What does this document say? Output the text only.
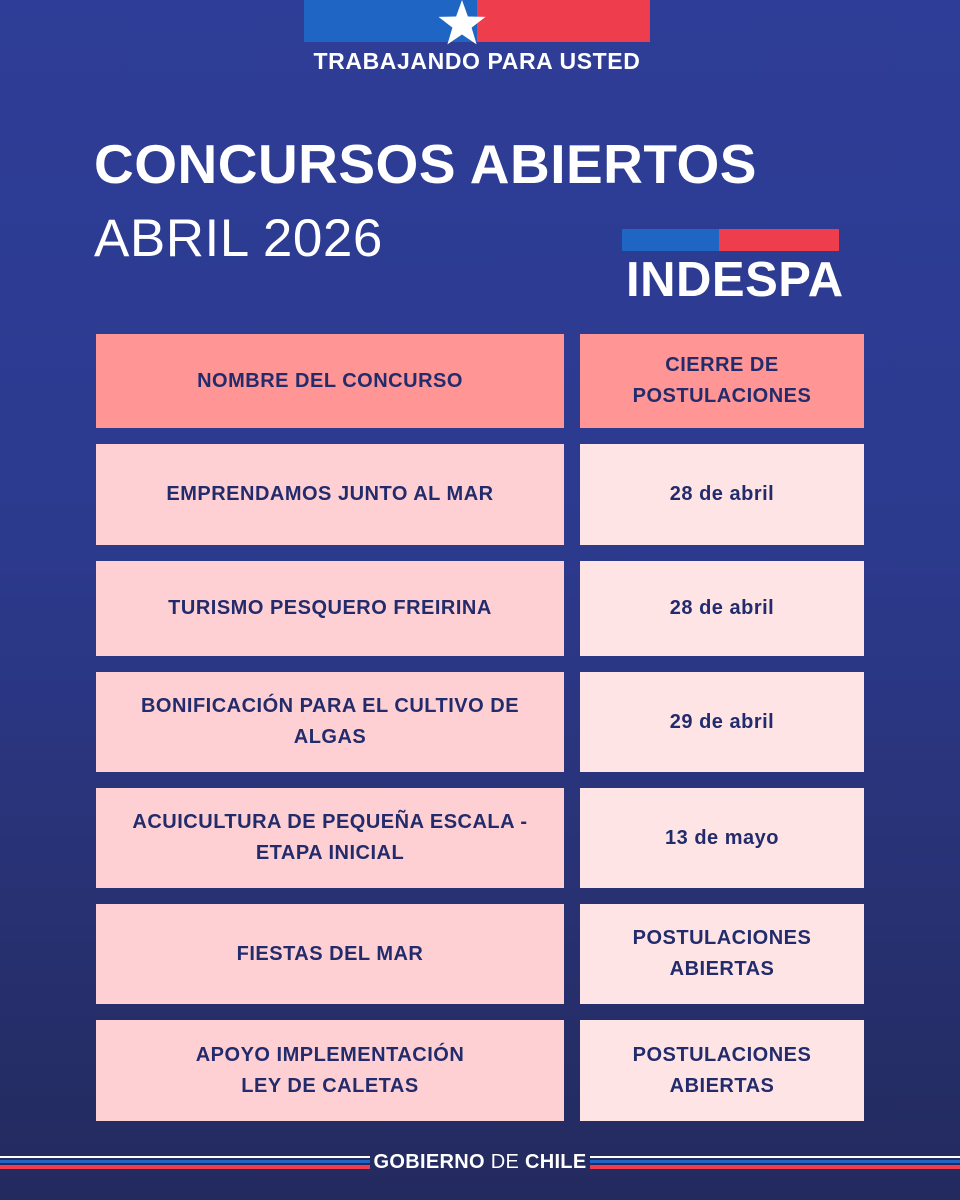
TRABAJANDO PARA USTED
CONCURSOS ABIERTOS
ABRIL 2026
INDESPA
NOMBRE DEL CONCURSO
CIERRE DE POSTULACIONES
EMPRENDAMOS JUNTO AL MAR	28 de abril
TURISMO PESQUERO FREIRINA	28 de abril
BONIFICACIÓN PARA EL CULTIVO DE ALGAS
29 de abril
ACUICULTURA DE PEQUEÑA ESCALA - ETAPA INICIAL
13 de mayo
FIESTAS DEL MAR
POSTULACIONES ABIERTAS
APOYO IMPLEMENTACIÓN LEY DE CALETAS
POSTULACIONES ABIERTAS
GOBIERNO DE CHILE
